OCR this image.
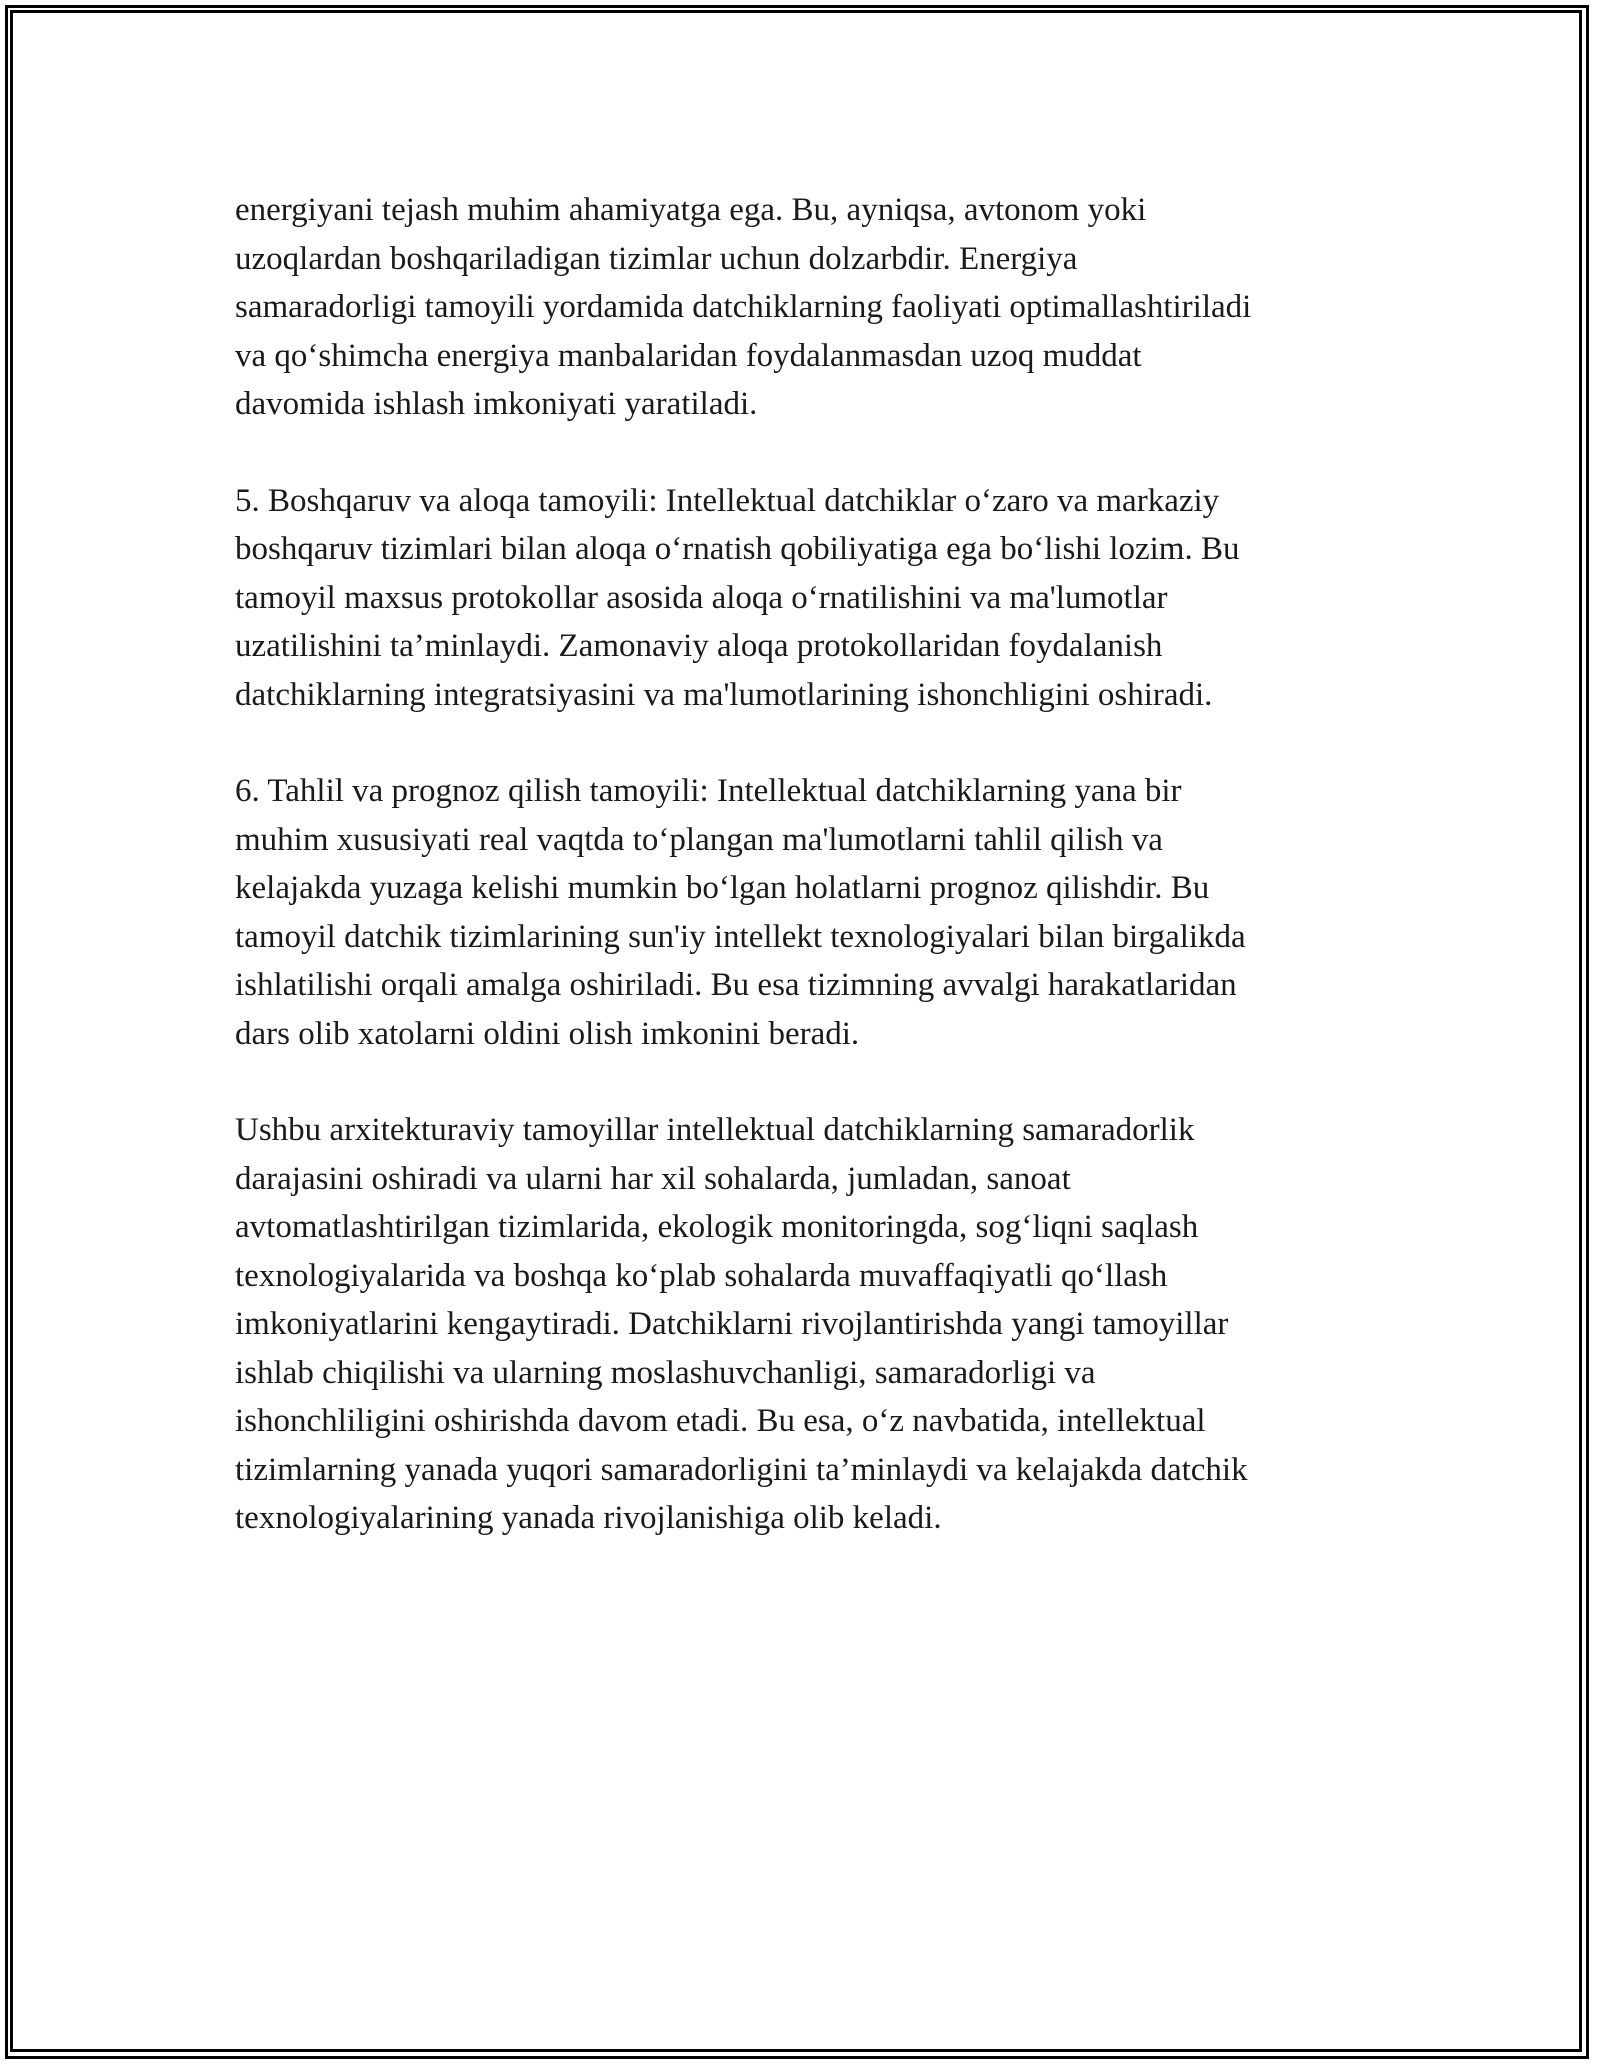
energiyani tejash muhim ahamiyatga ega. Bu, ayniqsa, avtonom yoki
uzoqlardan boshqariladigan tizimlar uchun dolzarbdir. Energiya
samaradorligi tamoyili yordamida datchiklarning faoliyati optimallashtiriladi
va qo‘shimcha energiya manbalaridan foydalanmasdan uzoq muddat
davomida ishlash imkoniyati yaratiladi.

5. Boshqaruv va aloqa tamoyili: Intellektual datchiklar o‘zaro va markaziy
boshqaruv tizimlari bilan aloqa o‘rnatish qobiliyatiga ega bo‘lishi lozim. Bu
tamoyil maxsus protokollar asosida aloqa o‘rnatilishini va ma'lumotlar
uzatilishini ta’minlaydi. Zamonaviy aloqa protokollaridan foydalanish
datchiklarning integratsiyasini va ma'lumotlarining ishonchligini oshiradi.

6. Tahlil va prognoz qilish tamoyili: Intellektual datchiklarning yana bir
muhim xususiyati real vaqtda to‘plangan ma'lumotlarni tahlil qilish va
kelajakda yuzaga kelishi mumkin bo‘lgan holatlarni prognoz qilishdir. Bu
tamoyil datchik tizimlarining sun'iy intellekt texnologiyalari bilan birgalikda
ishlatilishi orqali amalga oshiriladi. Bu esa tizimning avvalgi harakatlaridan
dars olib xatolarni oldini olish imkonini beradi.

Ushbu arxitekturaviy tamoyillar intellektual datchiklarning samaradorlik
darajasini oshiradi va ularni har xil sohalarda, jumladan, sanoat
avtomatlashtirilgan tizimlarida, ekologik monitoringda, sog‘liqni saqlash
texnologiyalarida va boshqa ko‘plab sohalarda muvaffaqiyatli qo‘llash
imkoniyatlarini kengaytiradi. Datchiklarni rivojlantirishda yangi tamoyillar
ishlab chiqilishi va ularning moslashuvchanligi, samaradorligi va
ishonchliligini oshirishda davom etadi. Bu esa, o‘z navbatida, intellektual
tizimlarning yanada yuqori samaradorligini ta’minlaydi va kelajakda datchik
texnologiyalarining yanada rivojlanishiga olib keladi.
